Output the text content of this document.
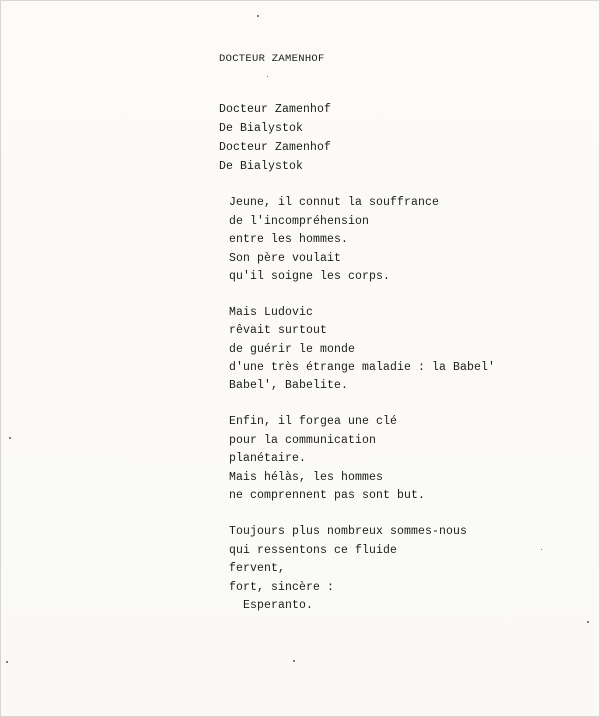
DOCTEUR ZAMENHOF
Docteur Zamenhof
De Bialystok
Docteur Zamenhof
De Bialystok
Jeune, il connut la souffrance
de l'incompréhension
entre les hommes.
Son père voulait
qu'il soigne les corps.
Mais Ludovic
rêvait surtout
de guérir le monde
d'une très étrange maladie : la Babel'
Babel', Babelite.
Enfin, il forgea une clé
pour la communication
planétaire.
Mais hélàs, les hommes
ne comprennent pas sont but.
Toujours plus nombreux sommes-nous
qui ressentons ce fluide
fervent,
fort, sincère :
Esperanto.
